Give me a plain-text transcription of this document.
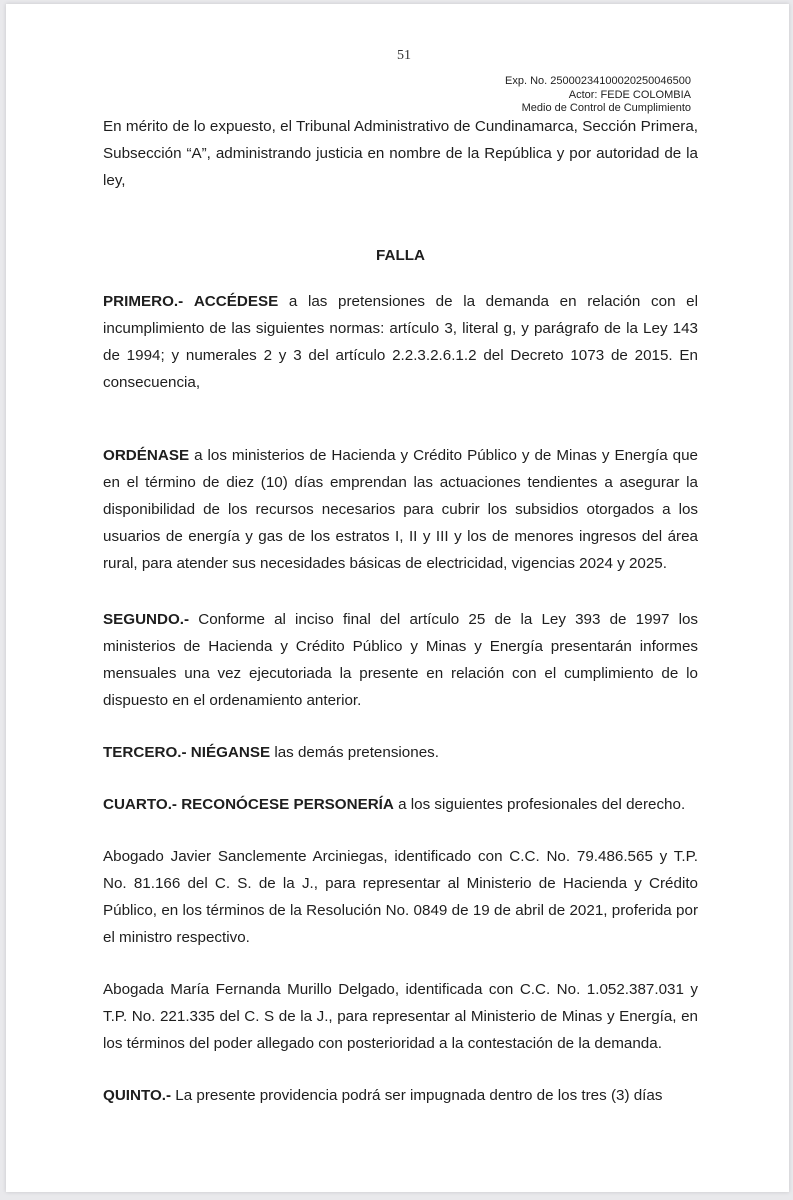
51
Exp. No. 25000234100020250046500
Actor: FEDE COLOMBIA
Medio de Control de Cumplimiento

En mérito de lo expuesto, el Tribunal Administrativo de Cundinamarca, Sección Primera, Subsección “A”, administrando justicia en nombre de la República y por autoridad de la ley,

FALLA

PRIMERO.- ACCÉDESE a las pretensiones de la demanda en relación con el incumplimiento de las siguientes normas: artículo 3, literal g, y parágrafo de la Ley 143 de 1994; y numerales 2 y 3 del artículo 2.2.3.2.6.1.2 del Decreto 1073 de 2015. En consecuencia,

ORDÉNASE a los ministerios de Hacienda y Crédito Público y de Minas y Energía que en el término de diez (10) días emprendan las actuaciones tendientes a asegurar la disponibilidad de los recursos necesarios para cubrir los subsidios otorgados a los usuarios de energía y gas de los estratos I, II y III y los de menores ingresos del área rural, para atender sus necesidades básicas de electricidad, vigencias 2024 y 2025.

SEGUNDO.- Conforme al inciso final del artículo 25 de la Ley 393 de 1997 los ministerios de Hacienda y Crédito Público y Minas y Energía presentarán informes mensuales una vez ejecutoriada la presente en relación con el cumplimiento de lo dispuesto en el ordenamiento anterior.

TERCERO.- NIÉGANSE las demás pretensiones.

CUARTO.- RECONÓCESE PERSONERÍA a los siguientes profesionales del derecho.

Abogado Javier Sanclemente Arciniegas, identificado con C.C. No. 79.486.565 y T.P. No. 81.166 del C. S. de la J., para representar al Ministerio de Hacienda y Crédito Público, en los términos de la Resolución No. 0849 de 19 de abril de 2021, proferida por el ministro respectivo.

Abogada María Fernanda Murillo Delgado, identificada con C.C. No. 1.052.387.031 y T.P. No. 221.335 del C. S de la J., para representar al Ministerio de Minas y Energía, en los términos del poder allegado con posterioridad a la contestación de la demanda.

QUINTO.- La presente providencia podrá ser impugnada dentro de los tres (3) días
